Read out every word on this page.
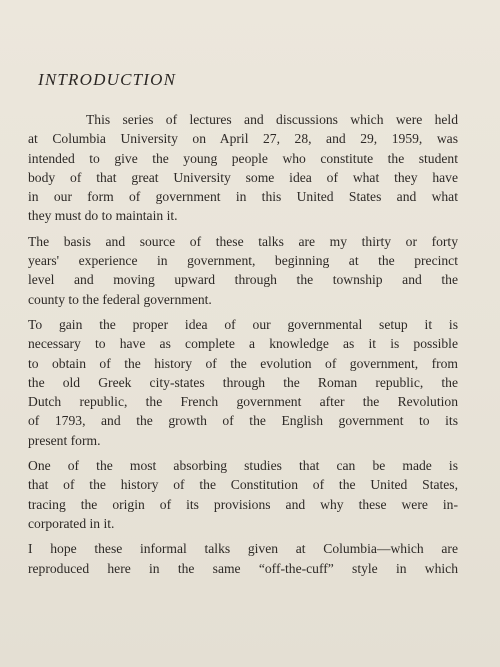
INTRODUCTION
This series of lectures and discussions which were held
at Columbia University on April 27, 28, and 29, 1959, was
intended to give the young people who constitute the student
body of that great University some idea of what they have
in our form of government in this United States and what
they must do to maintain it.
The basis and source of these talks are my thirty or forty
years' experience in government, beginning at the precinct
level and moving upward through the township and the
county to the federal government.
To gain the proper idea of our governmental setup it is
necessary to have as complete a knowledge as it is possible
to obtain of the history of the evolution of government, from
the old Greek city-states through the Roman republic, the
Dutch republic, the French government after the Revolution
of 1793, and the growth of the English government to its
present form.
One of the most absorbing studies that can be made is
that of the history of the Constitution of the United States,
tracing the origin of its provisions and why these were in-
corporated in it.
I hope these informal talks given at Columbia—which are
reproduced here in the same “off-the-cuff” style in which
